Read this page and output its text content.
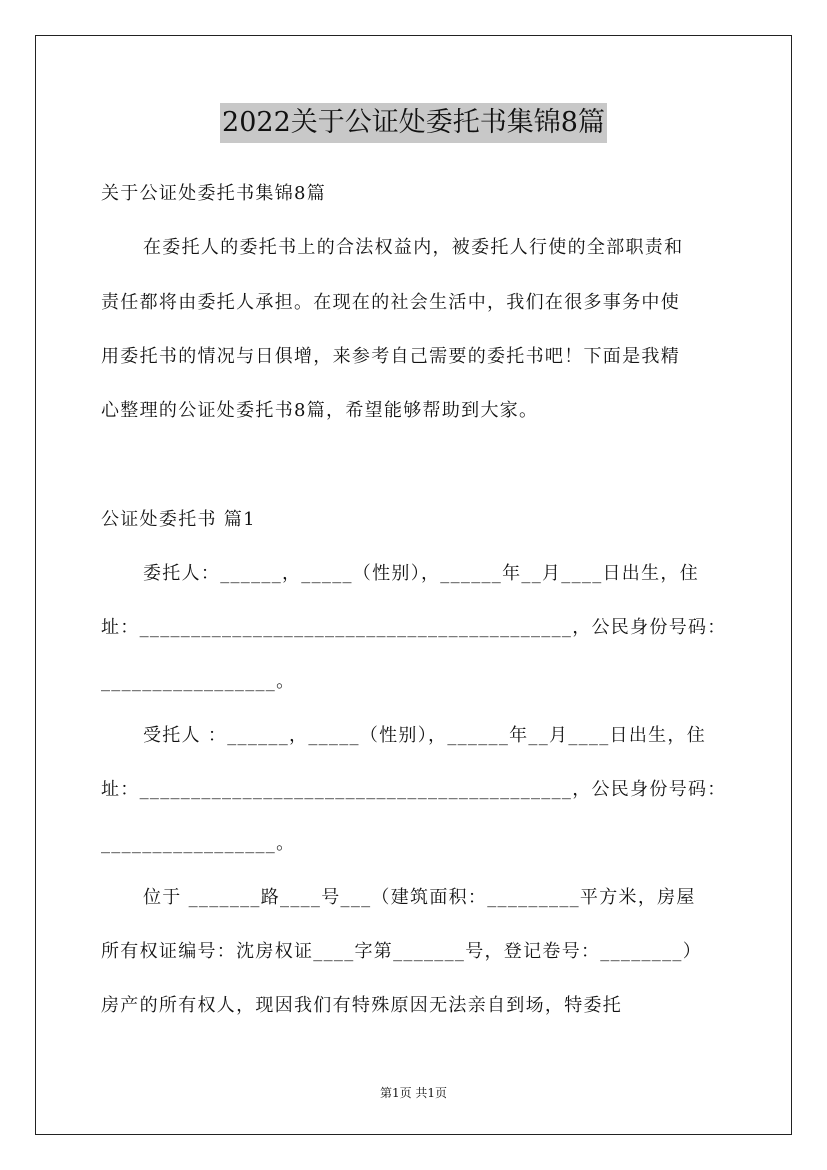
2022关于公证处委托书集锦8篇
关于公证处委托书集锦8篇
在委托人的委托书上的合法权益内，被委托人行使的全部职责和
责任都将由委托人承担。在现在的社会生活中，我们在很多事务中使
用委托书的情况与日俱增，来参考自己需要的委托书吧！下面是我精
心整理的公证处委托书8篇，希望能够帮助到大家。
公证处委托书 篇1
委托人：______，_____（性别），______年__月____日出生，住
址：__________________________________________，公民身份号码：
_________________。
受托人 ：______，_____（性别），______年__月____日出生，住
址：__________________________________________，公民身份号码：
_________________。
位于 _______路____号___（建筑面积：_________平方米，房屋
所有权证编号：沈房权证____字第_______号，登记卷号：________）
房产的所有权人，现因我们有特殊原因无法亲自到场，特委托
第1页 共1页
